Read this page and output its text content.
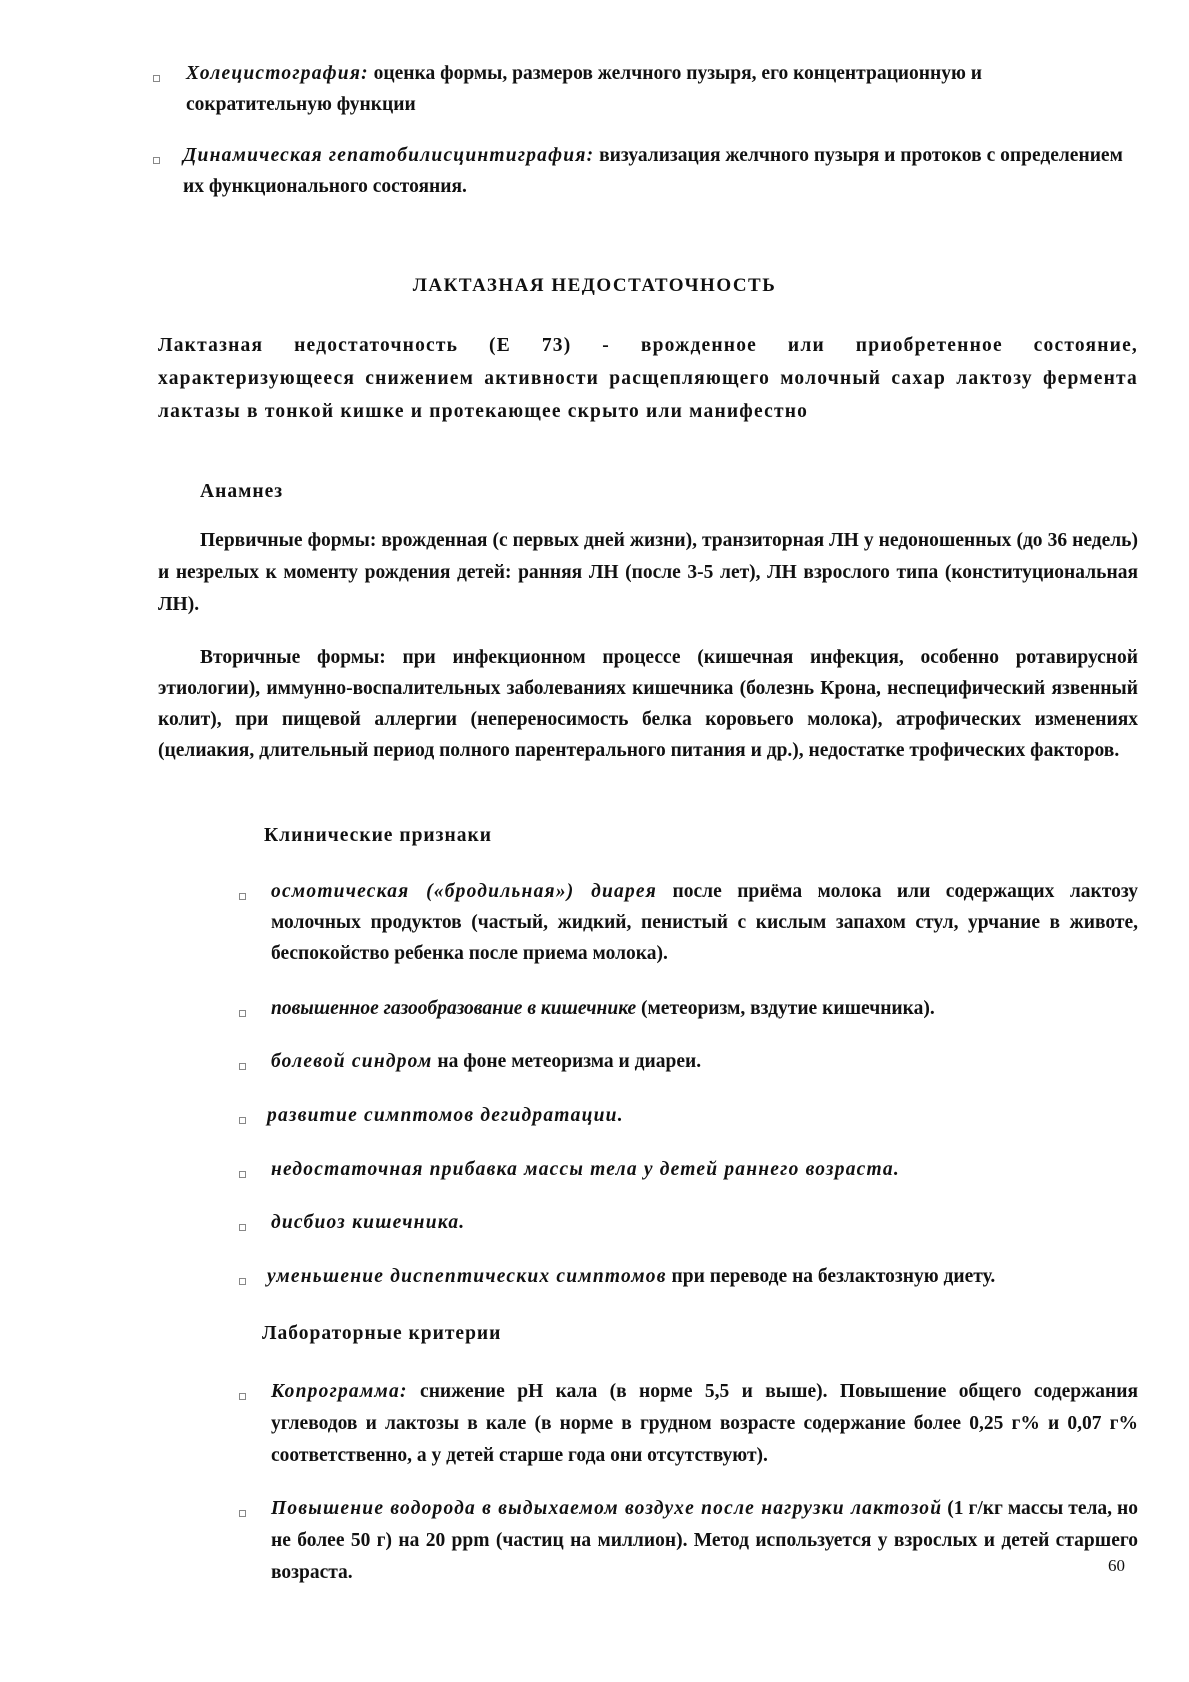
Холецистография: оценка формы, размеров желчного пузыря, его концентрационную и сократительную функции

Динамическая гепатобилисцинтиграфия: визуализация желчного пузыря и протоков с определением их функционального состояния.

ЛАКТАЗНАЯ НЕДОСТАТОЧНОСТЬ

Лактазная недостаточность (Е 73) - врожденное или приобретенное состояние, характеризующееся снижением активности расщепляющего молочный сахар лактозу фермента лактазы в тонкой кишке и протекающее скрыто или манифестно

Анамнез

Первичные формы: врожденная (с первых дней жизни), транзиторная ЛН у недоношенных (до 36 недель) и незрелых к моменту рождения детей: ранняя ЛН (после 3-5 лет), ЛН взрослого типа (конституциональная ЛН).

Вторичные формы: при инфекционном процессе (кишечная инфекция, особенно ротавирусной этиологии), иммунно-воспалительных заболеваниях кишечника (болезнь Крона, неспецифический язвенный колит), при пищевой аллергии (непереносимость белка коровьего молока), атрофических изменениях (целиакия, длительный период полного парентерального питания и др.), недостатке трофических факторов.

Клинические признаки

осмотическая («бродильная») диарея после приёма молока или содержащих лактозу молочных продуктов (частый, жидкий, пенистый с кислым запахом стул, урчание в животе, беспокойство ребенка после приема молока).

повышенное газообразование в кишечнике (метеоризм, вздутие кишечника).

болевой синдром на фоне метеоризма и диареи.

развитие симптомов дегидратации.

недостаточная прибавка массы тела у детей раннего возраста.

дисбиоз кишечника.

уменьшение диспептических симптомов при переводе на безлактозную диету.

Лабораторные критерии

Копрограмма: снижение pH кала (в норме 5,5 и выше). Повышение общего содержания углеводов и лактозы в кале (в норме в грудном возрасте содержание более 0,25 г% и 0,07 г% соответственно, а у детей старше года они отсутствуют).

Повышение водорода в выдыхаемом воздухе после нагрузки лактозой (1 г/кг массы тела, но не более 50 г) на 20 ppm (частиц на миллион). Метод используется у взрослых и детей старшего возраста.	60
